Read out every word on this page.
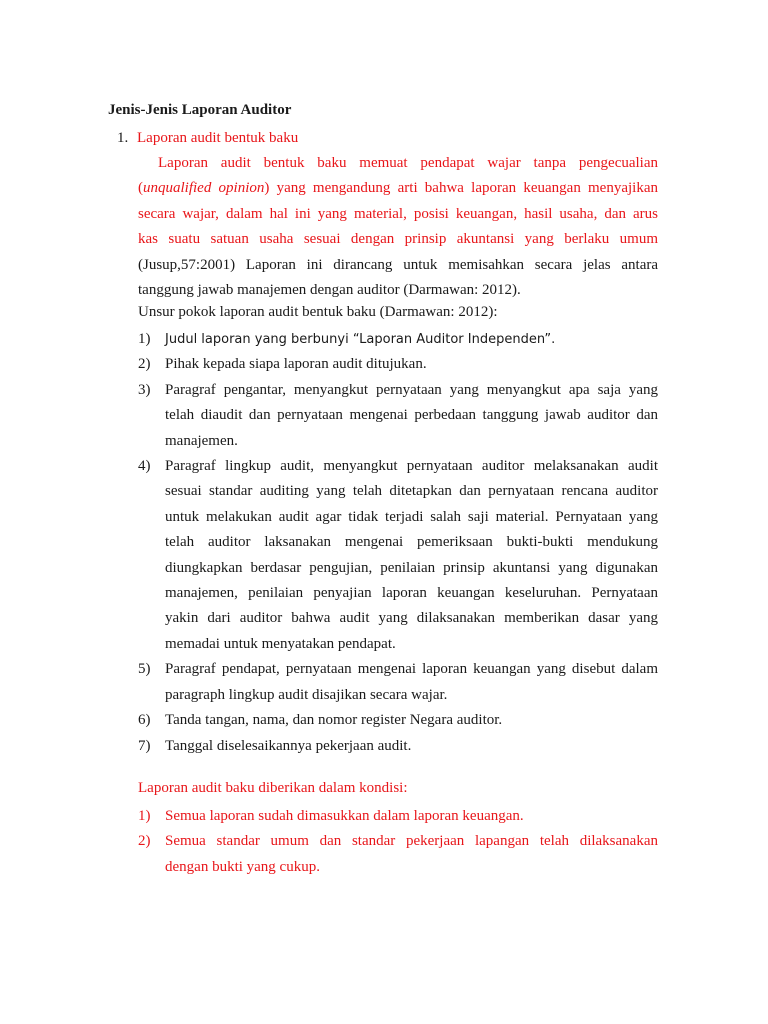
Jenis-Jenis Laporan Auditor
1. Laporan audit bentuk baku
Laporan audit bentuk baku memuat pendapat wajar tanpa pengecualian
(unqualified opinion) yang mengandung arti bahwa laporan keuangan menyajikan
secara wajar, dalam hal ini yang material, posisi keuangan, hasil usaha, dan arus
kas suatu satuan usaha sesuai dengan prinsip akuntansi yang berlaku umum
(Jusup,57:2001) Laporan ini dirancang untuk memisahkan secara jelas antara
tanggung jawab manajemen dengan auditor (Darmawan: 2012).
Unsur pokok laporan audit bentuk baku (Darmawan: 2012):
1)	Judul laporan yang berbunyi “Laporan Auditor Independen”.
2) Pihak kepada siapa laporan audit ditujukan.
3) Paragraf pengantar, menyangkut pernyataan yang menyangkut apa saja yang
telah diaudit dan pernyataan mengenai perbedaan tanggung jawab auditor dan
manajemen.
4) Paragraf lingkup audit, menyangkut pernyataan auditor melaksanakan audit
sesuai standar auditing yang telah ditetapkan dan pernyataan rencana auditor
untuk melakukan audit agar tidak terjadi salah saji material. Pernyataan yang
telah auditor laksanakan mengenai pemeriksaan bukti-bukti mendukung
diungkapkan berdasar pengujian, penilaian prinsip akuntansi yang digunakan
manajemen, penilaian penyajian laporan keuangan keseluruhan. Pernyataan
yakin dari auditor bahwa audit yang dilaksanakan memberikan dasar yang
memadai untuk menyatakan pendapat.
5) Paragraf pendapat, pernyataan mengenai laporan keuangan yang disebut dalam
paragraph lingkup audit disajikan secara wajar.
6) Tanda tangan, nama, dan nomor register Negara auditor.
7) Tanggal diselesaikannya pekerjaan audit.
Laporan audit baku diberikan dalam kondisi:
1) Semua laporan sudah dimasukkan dalam laporan keuangan.
2) Semua standar umum dan standar pekerjaan lapangan telah dilaksanakan
dengan bukti yang cukup.
